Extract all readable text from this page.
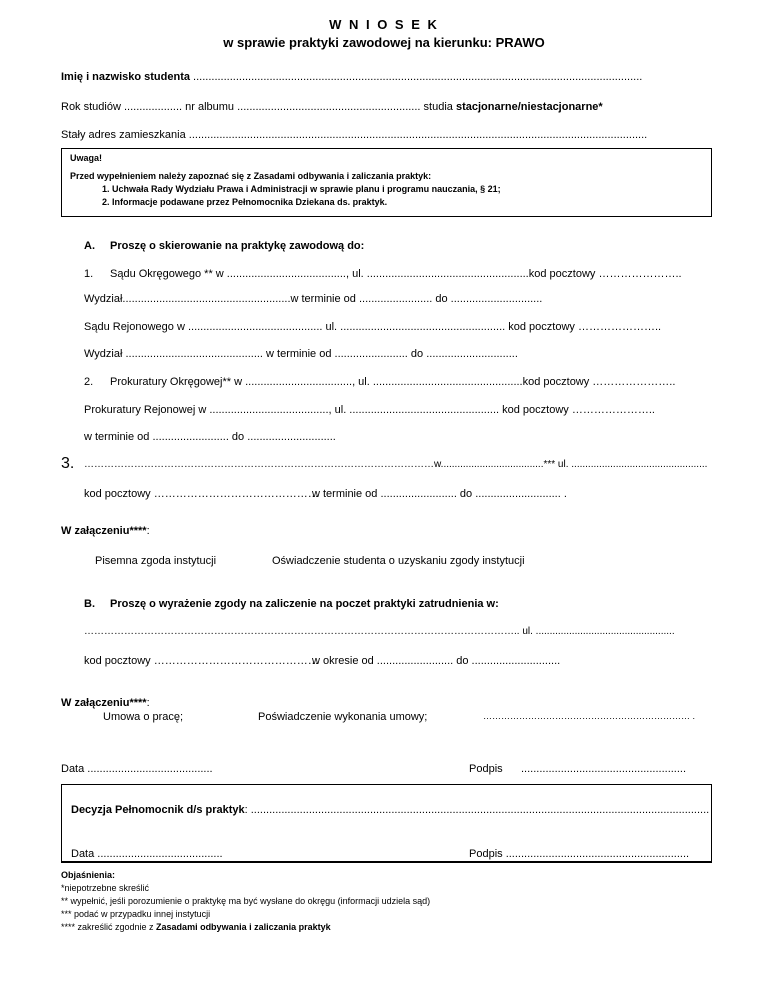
W N I O S E K
w sprawie praktyki zawodowej na kierunku: PRAWO
Imię i nazwisko studenta ...................................................................................................................................................
Rok studiów ................... nr albumu ............................................................ studia stacjonarne/niestacjonarne*
Stały adres zamieszkania ......................................................................................................................................................
Uwaga!
Przed wypełnieniem należy zapoznać się z Zasadami odbywania i zaliczania praktyk:
1. Uchwała Rady Wydziału Prawa i Administracji w sprawie planu i programu nauczania, § 21;
2. Informacje podawane przez Pełnomocnika Dziekana ds. praktyk.
A. Proszę o skierowanie na praktykę zawodową do:
1. Sądu Okręgowego ** w ......................................., ul. .....................................................kod pocztowy …………………..
Wydział.......................................................w terminie od ........................ do ..............................
Sądu Rejonowego w ............................................ ul. ...................................................... kod pocztowy …………………..
Wydział ............................................. w terminie od ........................ do ..............................
2. Prokuratury Okręgowej** w ..................................., ul. .................................................kod pocztowy …………………..
Prokuratury Rejonowej w ......................................., ul. ................................................. kod pocztowy …………………..
w terminie od ......................... do .............................
3. ……………………………………………………………………………………………w.....................................*** ul. .................................................
kod pocztowy ………………………………………
w terminie od ......................... do ............................ .
W załączeniu****:
Pisemna zgoda instytucji	Oświadczenie studenta o uzyskaniu zgody instytucji
B. Proszę o wyrażenie zgody na zaliczenie na poczet praktyki zatrudnienia w:
………………………………………………………………………………………………………………….. ul. ..................................................
kod pocztowy ………………………………………
w okresie od ......................... do .............................
W załączeniu****:
Umowa o pracę;	Poświadczenie wykonania umowy;	…………………………………………………………… .
Data .........................................	Podpis ......................................................
Decyzja Pełnomocnik d/s praktyk: ......................................................................................................................................................
Data .........................................	Podpis ............................................................
Objaśnienia:
*niepotrzebne skreślić
** wypełnić, jeśli porozumienie o praktykę ma być wysłane do okręgu (informacji udziela sąd)
*** podać w przypadku innej instytucji
**** zakreślić zgodnie z Zasadami odbywania i zaliczania praktyk
